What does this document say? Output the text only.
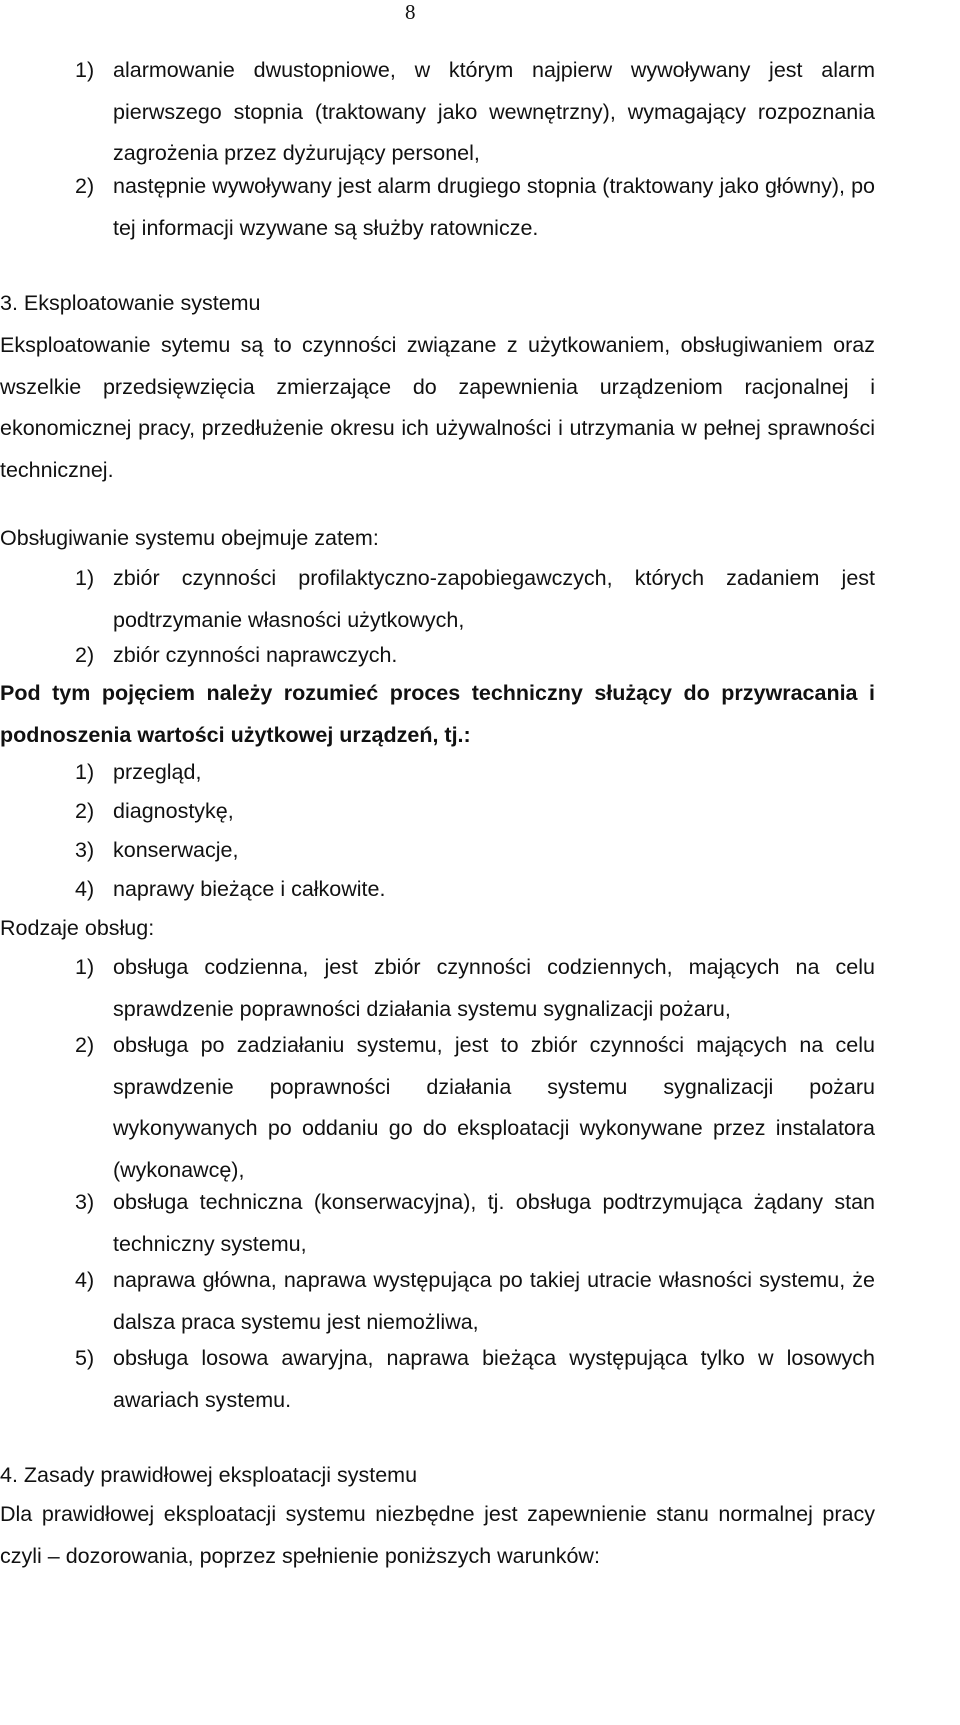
8
1) alarmowanie dwustopniowe, w którym najpierw wywoływany jest alarm pierwszego stopnia (traktowany jako wewnętrzny), wymagający rozpoznania zagrożenia przez dyżurujący personel,
2) następnie wywoływany jest alarm drugiego stopnia (traktowany jako główny), po tej informacji wzywane są służby ratownicze.

3. Eksploatowanie systemu

Eksploatowanie sytemu są to czynności związane z użytkowaniem, obsługiwaniem oraz wszelkie przedsięwzięcia zmierzające do zapewnienia urządzeniom racjonalnej i ekonomicznej pracy, przedłużenie okresu ich używalności i utrzymania w pełnej sprawności technicznej.

Obsługiwanie systemu obejmuje zatem:

1) zbiór czynności profilaktyczno-zapobiegawczych, których zadaniem jest podtrzymanie własności użytkowych,
2) zbiór czynności naprawczych.

Pod tym pojęciem należy rozumieć proces techniczny służący do przywracania i podnoszenia wartości użytkowej urządzeń, tj.:

1) przegląd,
2) diagnostykę,
3) konserwacje,
4) naprawy bieżące i całkowite.

Rodzaje obsług:

1) obsługa codzienna, jest zbiór czynności codziennych, mających na celu sprawdzenie poprawności działania systemu sygnalizacji pożaru,
2) obsługa po zadziałaniu systemu, jest to zbiór czynności mających na celu sprawdzenie poprawności działania systemu sygnalizacji pożaru wykonywanych po oddaniu go do eksploatacji wykonywane przez instalatora (wykonawcę),
3) obsługa techniczna (konserwacyjna), tj. obsługa podtrzymująca żądany stan techniczny systemu,
4) naprawa główna, naprawa występująca po takiej utracie własności systemu, że dalsza praca systemu jest niemożliwa,
5) obsługa losowa awaryjna, naprawa bieżąca występująca tylko w losowych awariach systemu.

4. Zasady prawidłowej eksploatacji systemu

Dla prawidłowej eksploatacji systemu niezbędne jest zapewnienie stanu normalnej pracy czyli – dozorowania, poprzez spełnienie poniższych warunków:
